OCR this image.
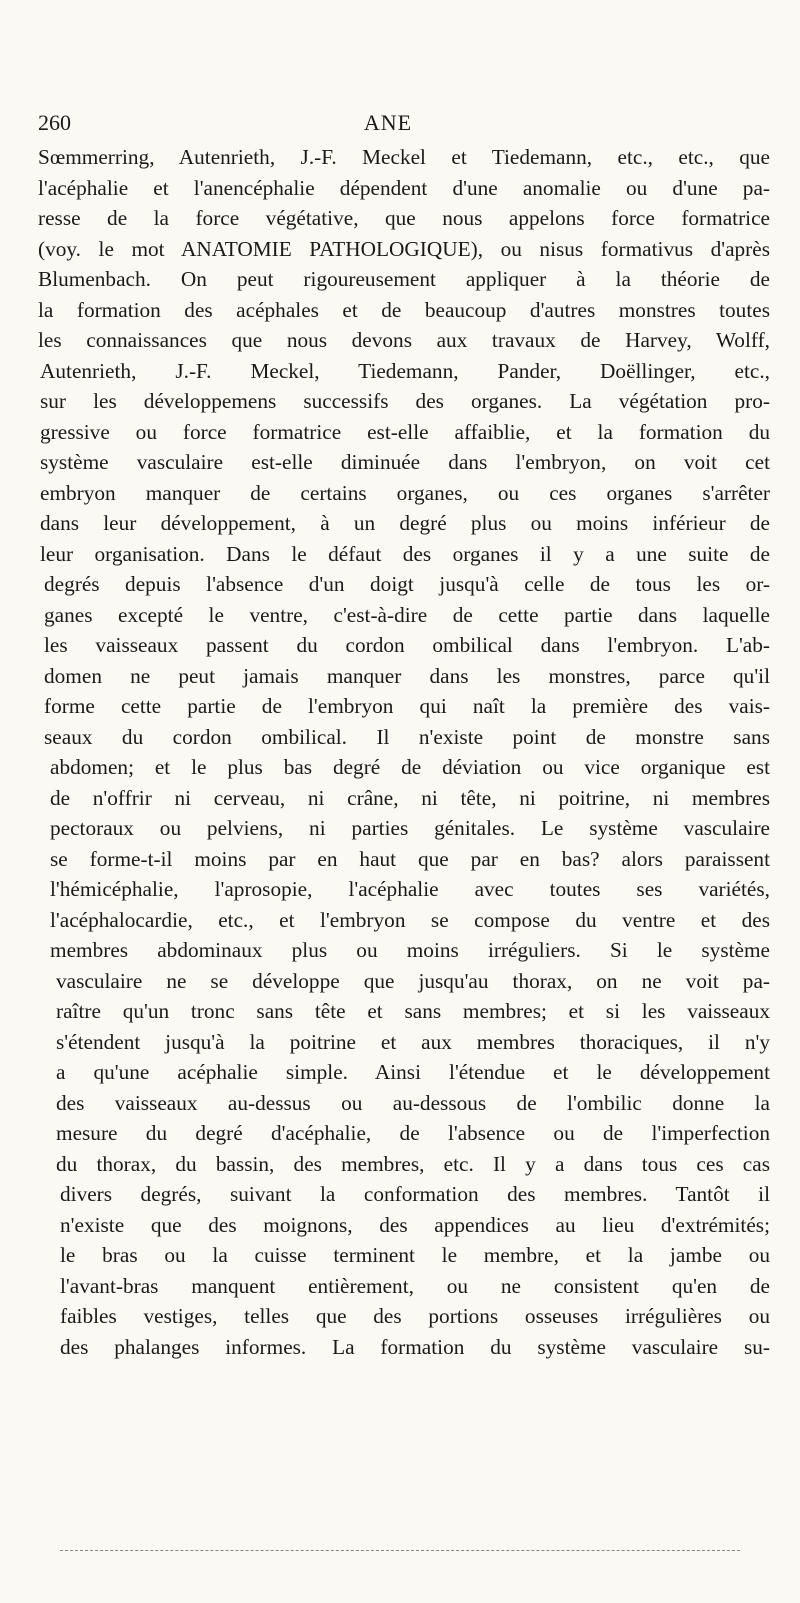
260	ANE
Sœmmerring, Autenrieth, J.-F. Meckel et Tiedemann, etc., etc., que
l'acéphalie et l'anencéphalie dépendent d'une anomalie ou d'une pa-
resse de la force végétative, que nous appelons force formatrice
(voy. le mot ANATOMIE PATHOLOGIQUE), ou nisus formativus d'après
Blumenbach. On peut rigoureusement appliquer à la théorie de
la formation des acéphales et de beaucoup d'autres monstres toutes
les connaissances que nous devons aux travaux de Harvey, Wolff,
Autenrieth, J.-F. Meckel, Tiedemann, Pander, Doëllinger, etc.,
sur les développemens successifs des organes. La végétation pro-
gressive ou force formatrice est-elle affaiblie, et la formation du
système vasculaire est-elle diminuée dans l'embryon, on voit cet
embryon manquer de certains organes, ou ces organes s'arrêter
dans leur développement, à un degré plus ou moins inférieur de
leur organisation. Dans le défaut des organes il y a une suite de
degrés depuis l'absence d'un doigt jusqu'à celle de tous les or-
ganes excepté le ventre, c'est-à-dire de cette partie dans laquelle
les vaisseaux passent du cordon ombilical dans l'embryon. L'ab-
domen ne peut jamais manquer dans les monstres, parce qu'il
forme cette partie de l'embryon qui naît la première des vais-
seaux du cordon ombilical. Il n'existe point de monstre sans
abdomen; et le plus bas degré de déviation ou vice organique est
de n'offrir ni cerveau, ni crâne, ni tête, ni poitrine, ni membres
pectoraux ou pelviens, ni parties génitales. Le système vasculaire
se forme-t-il moins par en haut que par en bas? alors paraissent
l'hémicéphalie, l'aprosopie, l'acéphalie avec toutes ses variétés,
l'acéphalocardie, etc., et l'embryon se compose du ventre et des
membres abdominaux plus ou moins irréguliers. Si le système
vasculaire ne se développe que jusqu'au thorax, on ne voit pa-
raître qu'un tronc sans tête et sans membres; et si les vaisseaux
s'étendent jusqu'à la poitrine et aux membres thoraciques, il n'y
a qu'une acéphalie simple. Ainsi l'étendue et le développement
des vaisseaux au-dessus ou au-dessous de l'ombilic donne la
mesure du degré d'acéphalie, de l'absence ou de l'imperfection
du thorax, du bassin, des membres, etc. Il y a dans tous ces cas
divers degrés, suivant la conformation des membres. Tantôt il
n'existe que des moignons, des appendices au lieu d'extrémités;
le bras ou la cuisse terminent le membre, et la jambe ou
l'avant-bras manquent entièrement, ou ne consistent qu'en de
faibles vestiges, telles que des portions osseuses irrégulières ou
des phalanges informes. La formation du système vasculaire su-
